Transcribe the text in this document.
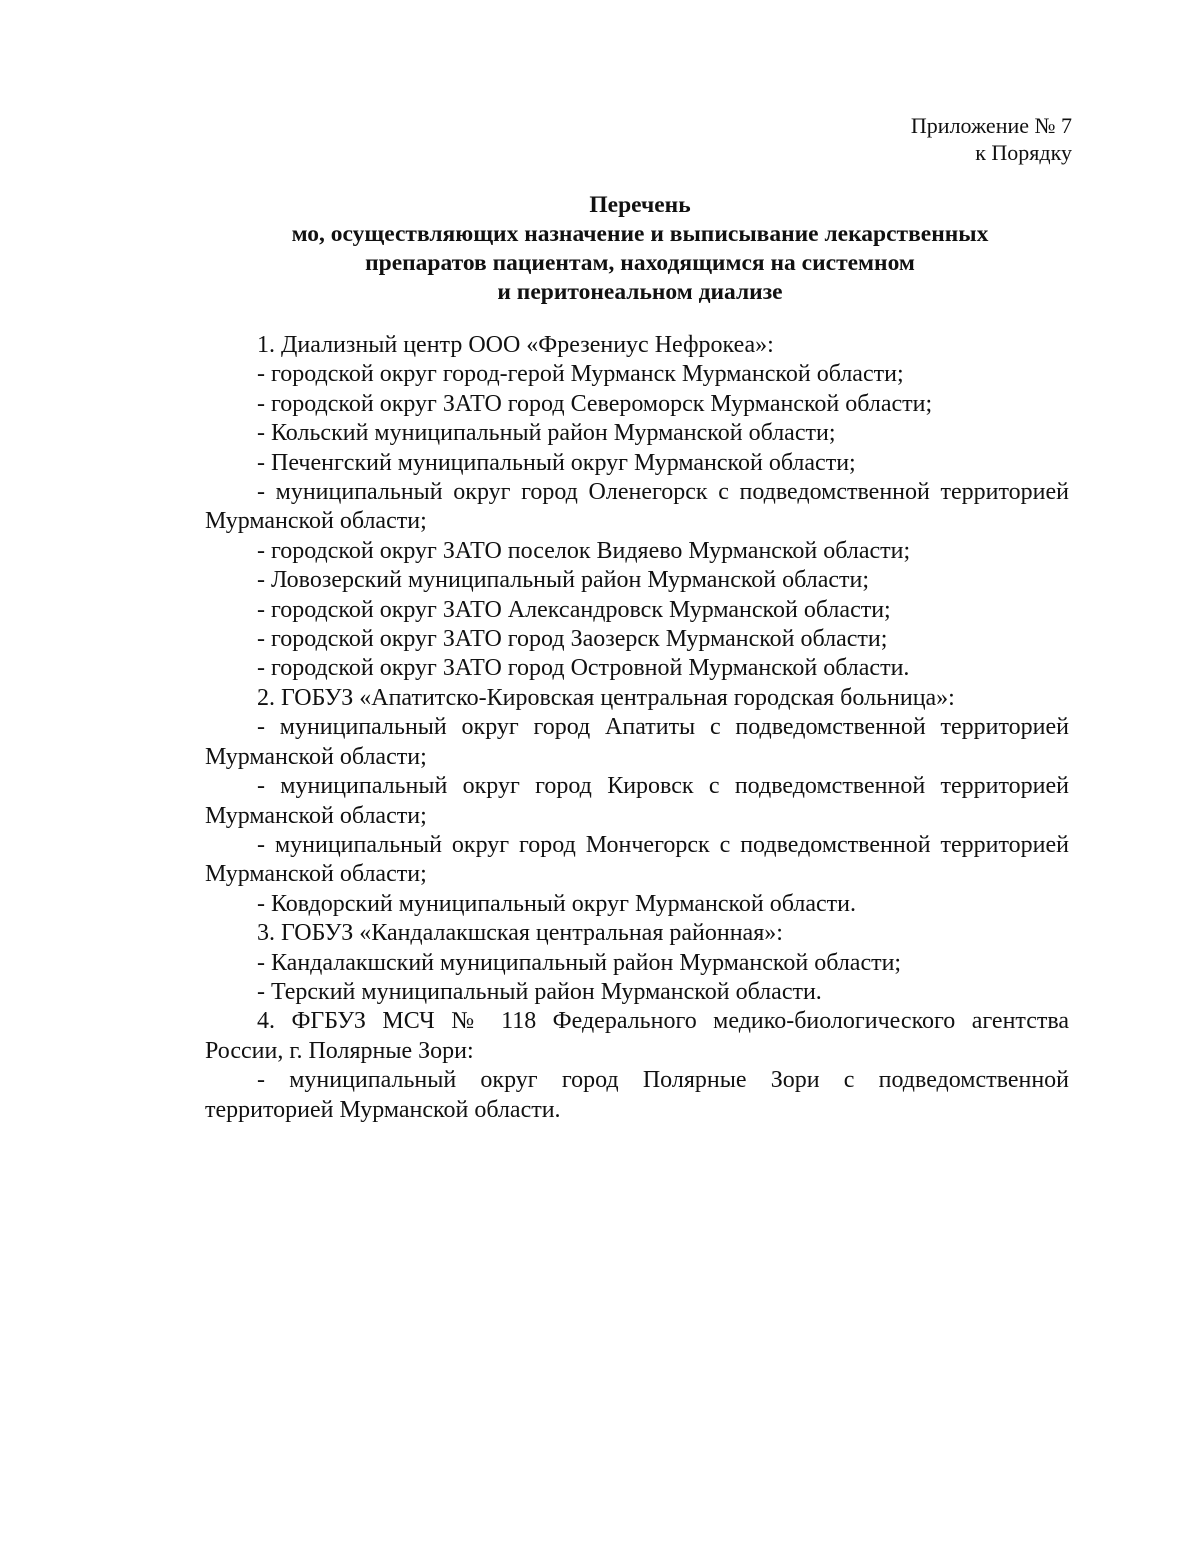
Приложение № 7
к Порядку
Перечень
мо, осуществляющих назначение и выписывание лекарственных
препаратов пациентам, находящимся на системном
и перитонеальном диализе

1. Диализный центр ООО «Фрезениус Нефрокеа»:

- городской округ город-герой Мурманск Мурманской области;

- городской округ ЗАТО город Североморск Мурманской области;

- Кольский муниципальный район Мурманской области;

- Печенгский муниципальный округ Мурманской области;

- муниципальный округ город Оленегорск с подведомственной территорией Мурманской области;

- городской округ ЗАТО поселок Видяево Мурманской области;

- Ловозерский муниципальный район Мурманской области;

- городской округ ЗАТО Александровск Мурманской области;

- городской округ ЗАТО город Заозерск Мурманской области;

- городской округ ЗАТО город Островной Мурманской области.

2. ГОБУЗ «Апатитско-Кировская центральная городская больница»:

- муниципальный округ город Апатиты с подведомственной территорией Мурманской области;

- муниципальный округ город Кировск с подведомственной территорией Мурманской области;

- муниципальный округ город Мончегорск с подведомственной территорией Мурманской области;

- Ковдорский муниципальный округ Мурманской области.

3. ГОБУЗ «Кандалакшская центральная районная»:

- Кандалакшский муниципальный район Мурманской области;

- Терский муниципальный район Мурманской области.

4. ФГБУЗ МСЧ № 118 Федерального медико-биологического агентства России, г. Полярные Зори:

- муниципальный округ город Полярные Зори с подведомственной территорией Мурманской области.
